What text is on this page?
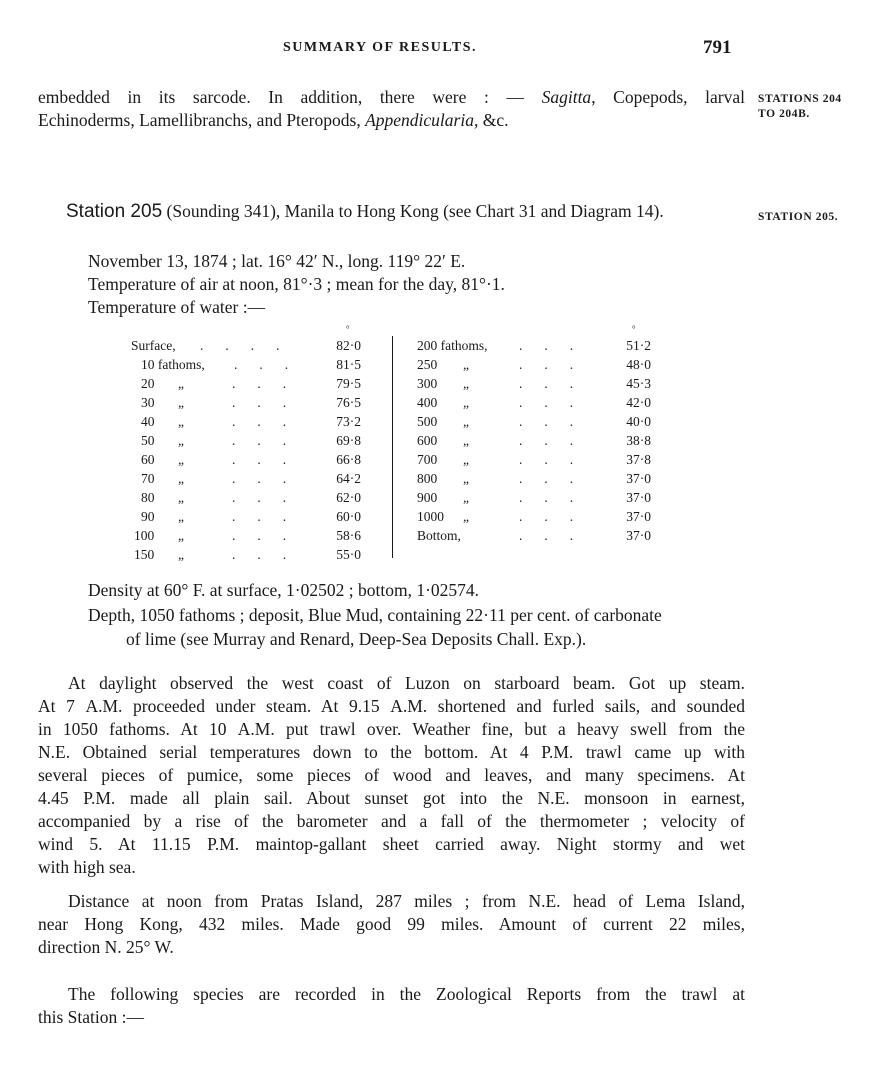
SUMMARY OF RESULTS.	791
embedded in its sarcode. In addition, there were : — Sagitta, Copepods, larval
Echinoderms, Lamellibranchs, and Pteropods, Appendicularia, &c.
STATIONS 204
TO 204B.
Station 205 (Sounding 341), Manila to Hong Kong (see Chart 31 and Diagram 14).	STATION 205.
November 13, 1874 ; lat. 16° 42′ N., long. 119° 22′ E.
Temperature of air at noon, 81°·3 ; mean for the day, 81°·1.
Temperature of water :—
°	°
Surface, ....	82·0
10 fathoms, ... 81·5
20 „	... 79·5
30 „	... 76·5
40 „	... 73·2
50 „	... 69·8
60 „	... 66·8
70 „	... 64·2
80 „	... 62·0
90 „	... 60·0
100 „	... 58·6
150 „	... 55·0
200 fathoms, ... 51·2
250 „	... 48·0
300 „	... 45·3
400 „	... 42·0
500 „	... 40·0
600 „	... 38·8
700 „	... 37·8
800 „	... 37·0
900 „	... 37·0
1000 „	... 37·0
Bottom,	... 37·0
Density at 60° F. at surface, 1·02502 ; bottom, 1·02574.
Depth, 1050 fathoms ; deposit, Blue Mud, containing 22·11 per cent. of carbonate
of lime (see Murray and Renard, Deep-Sea Deposits Chall. Exp.).
At daylight observed the west coast of Luzon on starboard beam. Got up steam.
At 7 A.M. proceeded under steam. At 9.15 A.M. shortened and furled sails, and sounded
in 1050 fathoms. At 10 A.M. put trawl over. Weather fine, but a heavy swell from the
N.E. Obtained serial temperatures down to the bottom. At 4 P.M. trawl came up with
several pieces of pumice, some pieces of wood and leaves, and many specimens. At
4.45 P.M. made all plain sail. About sunset got into the N.E. monsoon in earnest,
accompanied by a rise of the barometer and a fall of the thermometer ; velocity of
wind 5. At 11.15 P.M. maintop-gallant sheet carried away. Night stormy and wet
with high sea.
Distance at noon from Pratas Island, 287 miles ; from N.E. head of Lema Island,
near Hong Kong, 432 miles. Made good 99 miles. Amount of current 22 miles,
direction N. 25° W.
The following species are recorded in the Zoological Reports from the trawl at
this Station :—
